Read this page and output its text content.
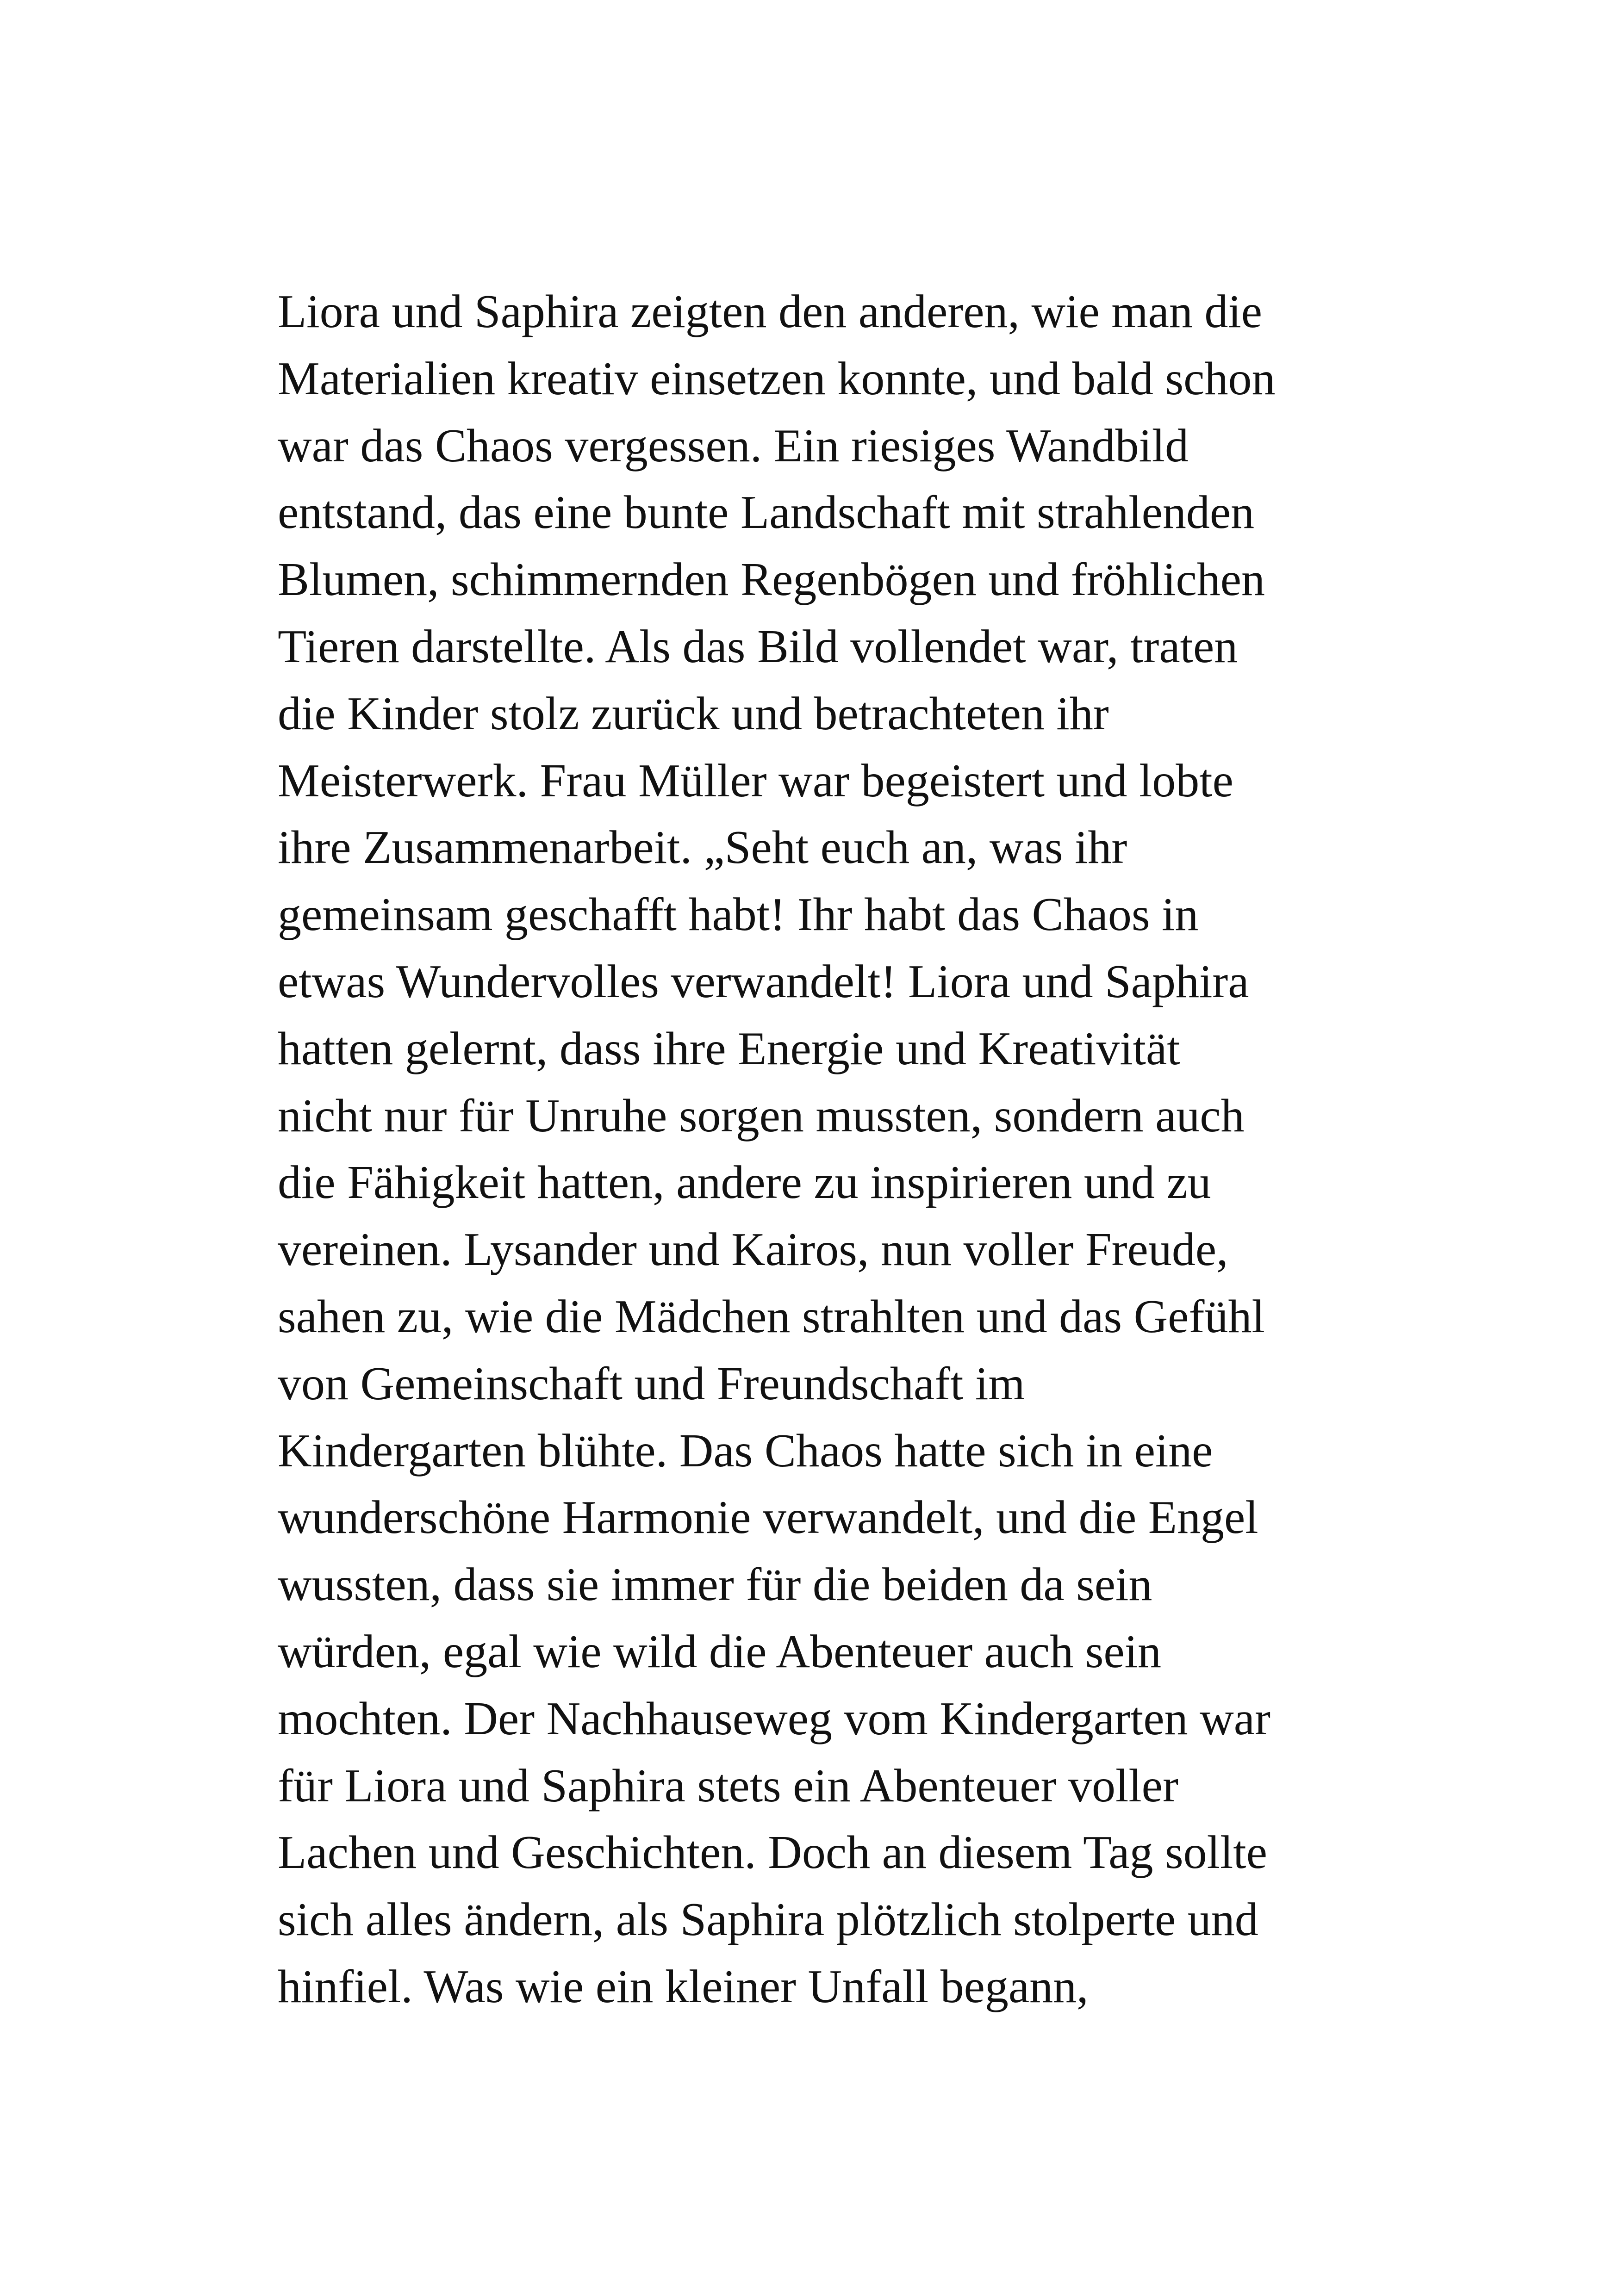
Liora und Saphira zeigten den anderen, wie man die
Materialien kreativ einsetzen konnte, und bald schon
war das Chaos vergessen. Ein riesiges Wandbild
entstand, das eine bunte Landschaft mit strahlenden
Blumen, schimmernden Regenbögen und fröhlichen
Tieren darstellte. Als das Bild vollendet war, traten
die Kinder stolz zurück und betrachteten ihr
Meisterwerk. Frau Müller war begeistert und lobte
ihre Zusammenarbeit. „Seht euch an, was ihr
gemeinsam geschafft habt! Ihr habt das Chaos in
etwas Wundervolles verwandelt! Liora und Saphira
hatten gelernt, dass ihre Energie und Kreativität
nicht nur für Unruhe sorgen mussten, sondern auch
die Fähigkeit hatten, andere zu inspirieren und zu
vereinen. Lysander und Kairos, nun voller Freude,
sahen zu, wie die Mädchen strahlten und das Gefühl
von Gemeinschaft und Freundschaft im
Kindergarten blühte. Das Chaos hatte sich in eine
wunderschöne Harmonie verwandelt, und die Engel
wussten, dass sie immer für die beiden da sein
würden, egal wie wild die Abenteuer auch sein
mochten. Der Nachhauseweg vom Kindergarten war
für Liora und Saphira stets ein Abenteuer voller
Lachen und Geschichten. Doch an diesem Tag sollte
sich alles ändern, als Saphira plötzlich stolperte und
hinfiel. Was wie ein kleiner Unfall begann,
